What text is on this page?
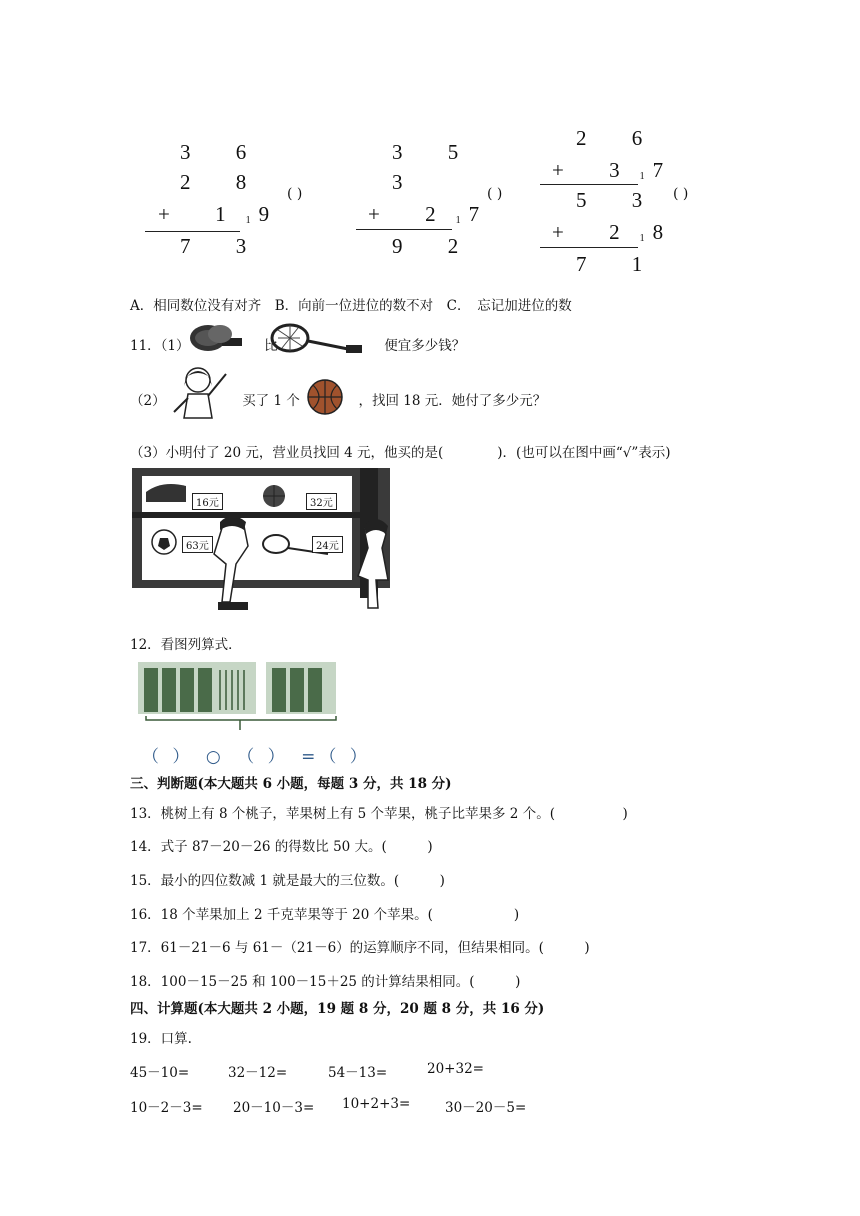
3 6
2 8
+ $1_1$ 9
7 3
( )
3 5
3
+ $2_1$ 7
9 2
( )
2 6
+ $3_1$ 7
5 3
+ $2_1$ 8
7 1
( )
A．相同数位没有对齐　B．向前一位进位的数不对　C．　忘记加进位的数
11．（1）	比	便宜多少钱？
（2）	买了 1 个	，找回 18 元．她付了多少元？
（3）小明付了 20 元，营业员找回 4 元，他买的是(　　　　)．(也可以在图中画“√”表示)
16元	32元
63元	24元
12．看图列算式．
（ ）　○　（ ）　=（ ）
三、判断题(本大题共 6 小题，每题 3 分，共 18 分)
13．桃树上有 8 个桃子，苹果树上有 5 个苹果，桃子比苹果多 2 个。(　　　　　)
14．式子 87－20－26 的得数比 50 大。(　　　)
15．最小的四位数减 1 就是最大的三位数。(　　　)
16．18 个苹果加上 2 千克苹果等于 20 个苹果。(　　　　　　)
17．61－21－6 与 61－（21－6）的运算顺序不同，但结果相同。(　　　)
18．100－15－25 和 100－15＋25 的计算结果相同。(　　　)
四、计算题(本大题共 2 小题，19 题 8 分，20 题 8 分，共 16 分)
19．口算.
45－10=	32－12=	54－13=	20+32=
10－2－3= 20－10－3= 10+2+3=	30－20－5=
